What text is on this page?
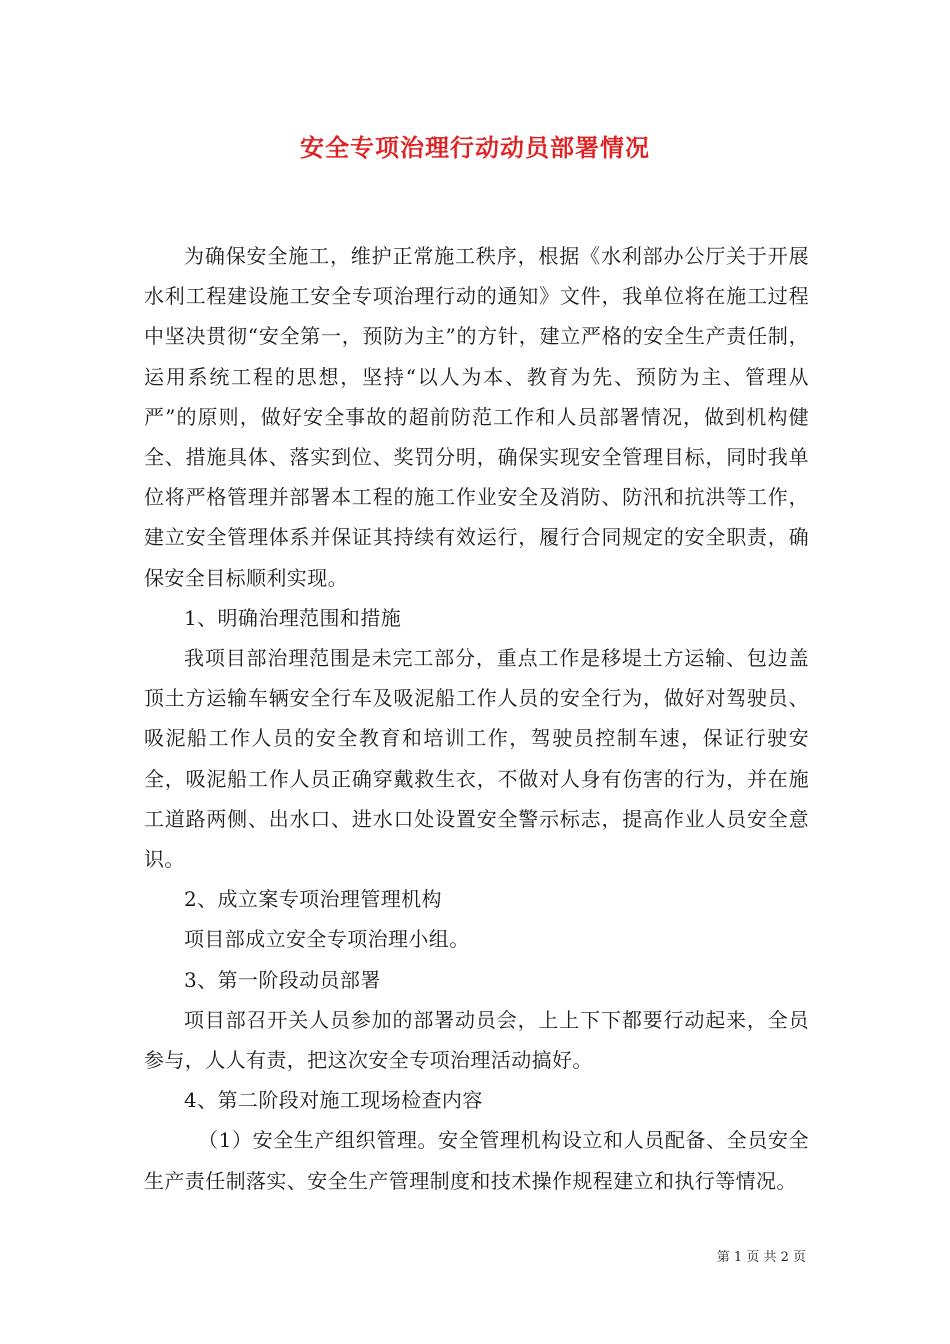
安全专项治理行动动员部署情况

为确保安全施工，维护正常施工秩序，根据《水利部办公厅关于开展水利工程建设施工安全专项治理行动的通知》文件，我单位将在施工过程中坚决贯彻“安全第一，预防为主”的方针，建立严格的安全生产责任制，运用系统工程的思想，坚持“以人为本、教育为先、预防为主、管理从严”的原则，做好安全事故的超前防范工作和人员部署情况，做到机构健全、措施具体、落实到位、奖罚分明，确保实现安全管理目标，同时我单位将严格管理并部署本工程的施工作业安全及消防、防汛和抗洪等工作，建立安全管理体系并保证其持续有效运行，履行合同规定的安全职责，确保安全目标顺利实现。

1、明确治理范围和措施

我项目部治理范围是未完工部分，重点工作是移堤土方运输、包边盖顶土方运输车辆安全行车及吸泥船工作人员的安全行为，做好对驾驶员、吸泥船工作人员的安全教育和培训工作，驾驶员控制车速，保证行驶安全，吸泥船工作人员正确穿戴救生衣，不做对人身有伤害的行为，并在施工道路两侧、出水口、进水口处设置安全警示标志，提高作业人员安全意识。

2、成立案专项治理管理机构

项目部成立安全专项治理小组。

3、第一阶段动员部署

项目部召开关人员参加的部署动员会，上上下下都要行动起来，全员参与，人人有责，把这次安全专项治理活动搞好。

4、第二阶段对施工现场检查内容

（1）安全生产组织管理。安全管理机构设立和人员配备、全员安全生产责任制落实、安全生产管理制度和技术操作规程建立和执行等情况。

第 1 页 共 2 页
